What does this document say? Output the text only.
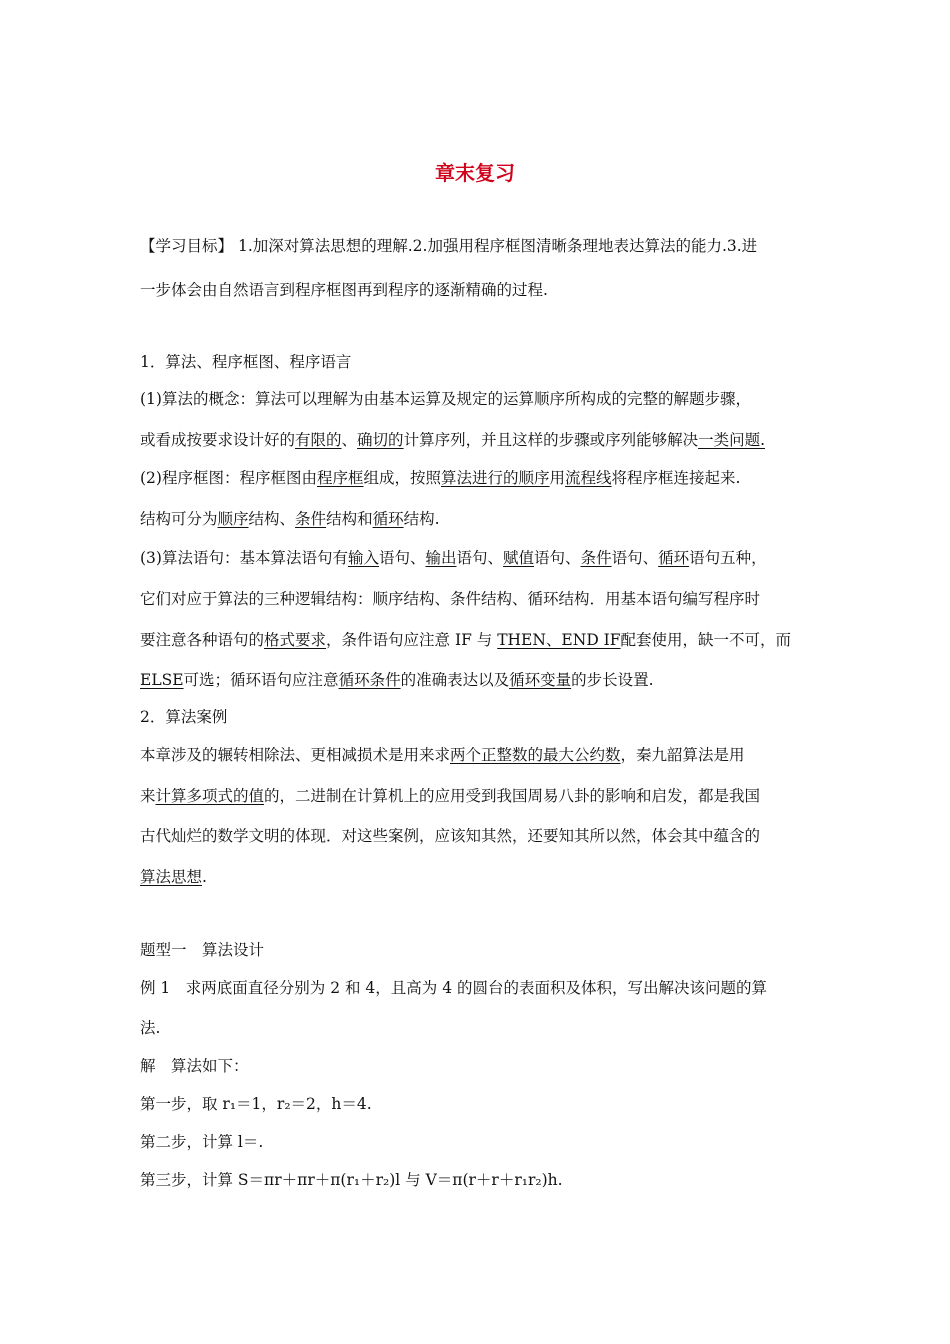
章末复习
【学习目标】 1.加深对算法思想的理解.2.加强用程序框图清晰条理地表达算法的能力.3.进
一步体会由自然语言到程序框图再到程序的逐渐精确的过程.
1．算法、程序框图、程序语言
(1)算法的概念：算法可以理解为由基本运算及规定的运算顺序所构成的完整的解题步骤，
或看成按要求设计好的有限的、确切的计算序列，并且这样的步骤或序列能够解决一类问题.
(2)程序框图：程序框图由程序框组成，按照算法进行的顺序用流程线将程序框连接起来.
结构可分为顺序结构、条件结构和循环结构.
(3)算法语句：基本算法语句有输入语句、输出语句、赋值语句、条件语句、循环语句五种，
它们对应于算法的三种逻辑结构：顺序结构、条件结构、循环结构．用基本语句编写程序时
要注意各种语句的格式要求，条件语句应注意 IF 与 THEN、END IF配套使用，缺一不可，而
ELSE可选；循环语句应注意循环条件的准确表达以及循环变量的步长设置.
2．算法案例
本章涉及的辗转相除法、更相减损术是用来求两个正整数的最大公约数，秦九韶算法是用
来计算多项式的值的，二进制在计算机上的应用受到我国周易八卦的影响和启发，都是我国
古代灿烂的数学文明的体现．对这些案例，应该知其然，还要知其所以然，体会其中蕴含的
算法思想.
题型一　算法设计
例 1　求两底面直径分别为 2 和 4，且高为 4 的圆台的表面积及体积，写出解决该问题的算
法.
解　算法如下：
第一步，取 r₁＝1，r₂＝2，h＝4.
第二步，计算 l＝.
第三步，计算 S＝πr＋πr＋π(r₁＋r₂)l 与 V＝π(r＋r＋r₁r₂)h.
